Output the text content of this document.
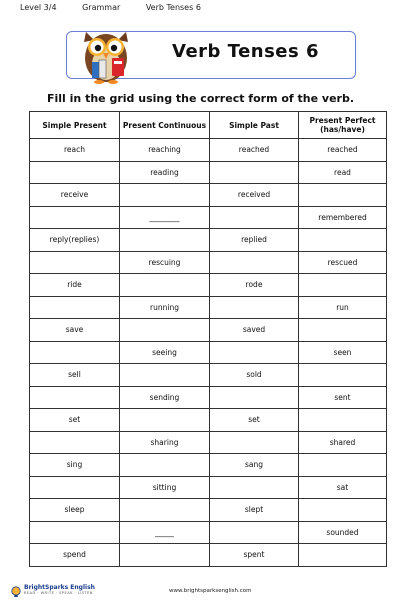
Level 3/4	Grammar	Verb Tenses 6
Verb Tenses 6
Fill in the grid using the correct form of the verb.
Simple Present	Present Continuous	Simple Past	Present Perfect
(has/have)
reach	reaching	reached	reached
	reading		read
receive		received	
	________		remembered
reply(replies)		replied	
	rescuing		rescued
ride		rode	
	running		run
save		saved	
	seeing		seen
sell		sold	
	sending		sent
set		set	
	sharing		shared
sing		sang	
	sitting		sat
sleep		slept	
	_____		sounded
spend		spent	
BrightSparks English
READ · WRITE · SPEAK · LISTEN	www.brightsparksenglish.com
